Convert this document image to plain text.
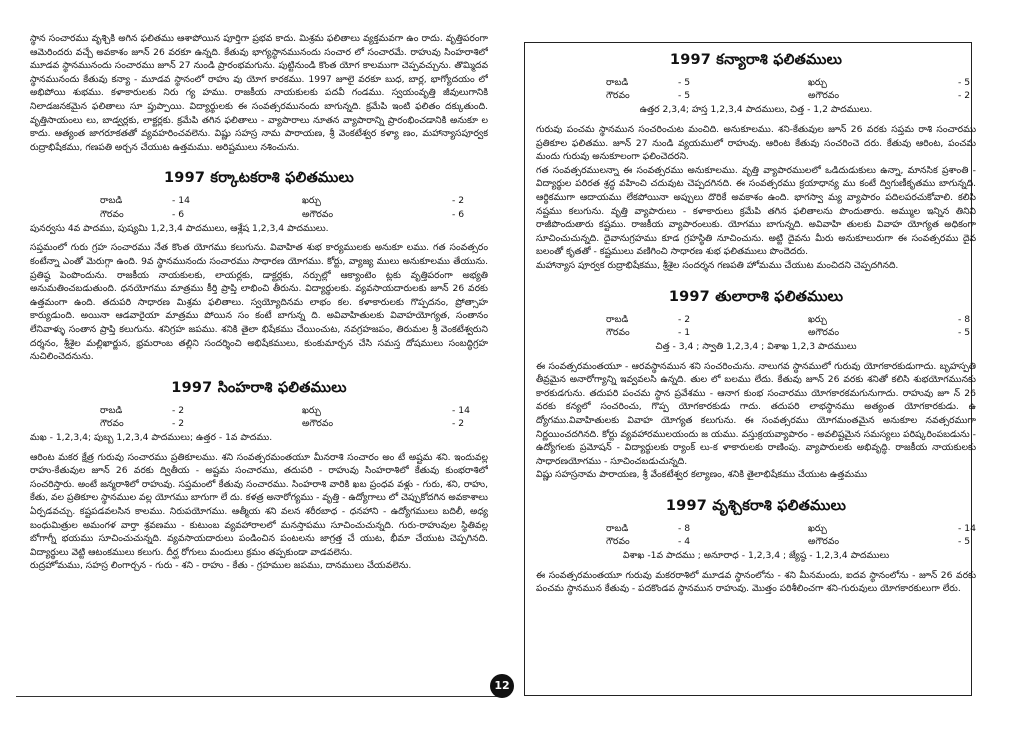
స్థాన సంచారము వృశ్చికి అగిన ఫలితము ఆశాపోయిన పూర్తిగా ప్రభవ కాదు. మిశ్రమ ఫలితాలు వ్యక్తమవగా ఉం రాదు. వృత్తిపరంగా ఆమెరిందరు వచ్చే అవకాశం జూన్ 26 వరకూ ఉన్నది. కేతువు భాగ్యస్థానమునందు సంచార లో సంచారమే. రాహువు సింహరాశిలో మూడవ స్థానమునందు సంచారము జూన్ 27 నుండి ప్రారంభమగును. పుట్టినుండి కొంత యోగ కాలముగా చెప్పవచ్చును. తొమ్మిదవ స్థానమునందు కేతువు కన్యా - మూడవ స్థానంలో రాహు వు యోగ కారకము. 1997 జూలై వరకూ బుధ, బార్ల, భాగ్యోదయం లో అభిపోయి శుభము. కళాకారులకు నిరు గ్య హము. రాజకీయ నాయకులకు పదవీ గండము. స్వయంవృత్తి జీవులుగానికి నిలాడజనకమైన ఫలితాలు సూ ప్తుప్పాయి. విద్యార్థులకు ఈ సంవత్సరమునందు బాగున్నది. క్రమేపి ఇంటి ఫలితం దక్కుతుంది. వృత్తిసాయంలు లు, బాడ్వర్లకు, లాక్టర్లకు. క్రమేపి తగిన ఫలితాలు - వ్యాపారాలు నూతన వ్యాపారాన్ని ప్రారంభించడానికి అనుకూ ల కాదు. ఆత్యంత జాగరూకతతో వ్యవహరించవలెను. విష్ణు సహస్ర నామ పారాయణ, శ్రీ వెంకటేశ్వర కళ్యా ణం, మహాన్యాసపూర్వక రుద్రాభిషేకము, గణపతి అర్చన చేయుట ఉత్తమము. అరిష్టములు నశించును.

1997 కర్కాటకరాశి ఫలితములు
రాబడి	- 14	ఖర్చు	- 2
గౌరవం	- 6	అగౌరవం	- 6

పునర్వసు 4వ పాదము, పుష్యమి 1,2,3,4 పాదములు, ఆశ్లేష 1,2,3,4 పాదములు.

సప్తమంలో గురు గ్రహ సంచారము నేత కొంత యోగము కలుగును. వివాహిత శుభ కార్యములకు అనుకూ లము. గత సంవత్సరం కంటేన్నా ఎంతో మెరుగ్గా ఉంది. 9వ స్థానమునందు సంచారము సాధారణ యోగము. కోర్టు, వ్యాజ్య ములు అనుకూలము తేయును. ప్రతిష్ఠ పెంపొందును. రాజకీయ నాయకులకు, లాయర్లకు, డాక్టర్లకు, నర్సుల్లో ఆక్యాంటెం ట్లకు వృత్తిపరంగా అభ్యతి అనుమతించబడుతుంది. ధనయోగము మాత్రము కీర్తి ప్రాప్తి లాభించి తీరును. విద్యార్థులకు. వ్యవసాయదారులకు జూన్ 26 వరకు ఉత్తమంగా ఉంది. తదుపరి సాధారణ మిశ్రమ ఫలితాలు. స్వయ్యోదినమ లాభం కల. కళాకారులకు గొప్పదనం, ప్రోత్సాహ కార్యుడుంది. అయినా ఆడవారైయా మాత్రము పోయిన సం కంటే బాగున్న ది. అవివాహితులకు వివాహయోగ్యత, సంతానం లేనివాళ్ళు సంతాన ప్రాప్తి కలుగును. శనిగ్రహ జపము. శనికి తైలా భిషేకము చేయించుట, నవగ్రహజపం, తిరుమల శ్రీ వెంకటేశ్వరుని దర్శనం, శ్రీశైల మల్లిఖార్జున, భ్రమరాంబ తల్లిని సందర్శించి అభిషేకములు, కుంకుమార్చన చేసి సమస్త దోషములు సంబద్ధిగ్రహ నుచిలించెదనును.

1997 సింహరాశి ఫలితములు
రాబడి	- 2	ఖర్చు	- 14
గౌరవం	- 2	అగౌరవం	- 2

మఖ - 1,2,3,4; పుబ్బ 1,2,3,4 పాదములు; ఉత్తర - 1వ పాదము.

ఆరింట మకర క్షేత్ర గురువు సంచారము ప్రతికూలము. శని సంవత్సరమంతయూ మీనరాశి సంచారం అం టే అష్టమ శని. ఇందువల్ల రాహు-కేతువుల జూన్ 26 వరకు ద్వితీయ - అష్టమ సంచారము, తదుపరి - రాహువు సింహరాశిలో కేతువు కుంభరాశిలో సంచరిస్తారు. అంటే జన్మరాశిలో రాహువు. సప్తమంలో కేతువు సంచారము. సింహరాశి వారికి ఖబ ప్రంధవ వళ్లు - గురు, శని, రాహు, కేతు, వల ప్రతికూల స్థానముల వల్ల యోగము బాగుగా లే దు. కళత్ర అనారోగ్యము - వృత్తి - ఉద్యోగాలు లో చెప్పుకోదగిన అవకాశాలు ఏర్పడవచ్చు. కష్టపడవలసిన కాలము. నిరుపయోగము. ఆత్మీయ శని వలన శరీరబాధ - ధనహాని - ఉద్యోగములు బదిలీ, అధ్య బంధుమిత్రుల అమంగళ వార్తా శ్రవణము - కుటుంబ వ్యవహారాలలో మనస్తాపము సూచించుచున్నది. గురు-రాహువుల స్థితివల్ల బోగాగ్నీ భయము సూచించుచున్నది. వ్యవసాయదారులు పండించిన పంటలను జాగ్రత్త చే యుట, భీమా చేయుట చెప్పగినది. విద్యార్థులు వెట్టి ఆటంకములు కలుగు. దీర్ఘ రోగులు మందులు క్రమం తప్పకుండా వాడవలెను.

రుద్రహోమము, సహస్ర లింగార్చన - గురు - శని - రాహు - కేతు - గ్రహముల జపము, దానములు చేయవలెను.

12
1997 కన్యారాశి ఫలితములు
రాబడి	- 5	ఖర్చు	- 5
గౌరవం	- 5	అగౌరవం	- 2

ఉత్తర 2,3,4; హస్త 1,2,3,4 పాదములు, చిత్త - 1,2 పాదములు.

గురువు పంచమ స్థానమున సంచరించుట మంచిది. అనుకూలము. శని-కేతువుల జూన్ 26 వరకు సప్తమ రాశి సంచారము ప్రతికూల ఫలితము. జూన్ 27 నుండి వ్యయములో రాహువు. ఆరింట కేతువు సంచరించె దరు. కేతువు ఆరింట, పంచమ మందు గురువు అనుకూలంగా ఫలించెదరని.

గత సంవత్సరములన్నా ఈ సంవత్సరము అనుకూలము. వృత్తి వ్యాపారములలో ఒడిదుడుకులు ఉన్నా, మానసిక ప్రశాంతి - విద్యార్థుల పరిరత శ్రద్ధ వహించి చదువుట చెప్పదగినది. ఈ సంవత్సరము క్రయాధాన్య ము కంటే ద్విగుణీకృతము బాగున్నది. ఆర్థికముగా ఆదాయము లేకపోయినా అప్పులు దొరికే అవకాశం ఉంది. భాగస్వా మ్య వ్యాపారం పదిలపరచుకోవాలి. కలిసి నష్టము కలుగును. వృత్తి వ్యాపారులు - కళాకారులు క్రమేపి తగిన ఫలితాలను పొందుతారు. అమ్ముల ఇన్నిన తినిని రాజీపొందుతారు కష్టము. రాజకీయ వ్యాపారంలుకు. యోగము బాగున్నది. అవివాహి తులకు వివాహ యోగ్యత అధికంగా సూచించుచున్నది. దైవానుగ్రహము కూడ గ్రహస్థితి నూచించును. అట్టి దైవను మీరు అనుకూలురుగా ఈ సంవత్సరము దైవ బలంతో కృతతో - కష్టములు వణిగించి సాధారణ శుభ ఫలితములు పొందెదరు.

మహాన్యాస పూర్వక రుద్రాభిషేకము, శ్రీశైల సందర్శన గణపతి హోమము చేయుట మంచిదని చెప్పదగినది.

1997 తులారాశి ఫలితములు
రాబడి	- 2	ఖర్చు	- 8
గౌరవం	- 1	అగౌరవం	- 5

చిత్త - 3,4 ; స్వాతి 1,2,3,4 ; విశాఖ 1,2,3 పాదములు

ఈ సంవత్సరమంతయూ - ఆరవస్థానమున శని సంచరించును. నాలుగవ స్థానములో గురువు యోగకారకుడుగాదు. బృహస్పతి తీవ్రమైన అనారోగ్యాన్ని ఇవ్వవలసి ఉన్నది. తుల లో బలము లేదు. కేతువు జూన్ 26 వరకు శనితో కలిసి శుభయోగమునకు కారకుడగును. తదుపరి పంచమ స్థాన ప్రవేశము - ఆనాగ కుంభ సంచారము యోగకారకమగునుగాదు. రాహువు జూ న్ 26 వరకు కన్యలో సంచరించు, గొప్ప యోగకారకుడు గాదు. తదుపరి లాభస్థానము అత్యంత యోగకారకుడు. ఉ ద్యోగము.వివాహితులకు వివాహ యోగ్యత కలుగును. ఈ సంవత్సరము యోగమంతమైన అనుకూల నవత్సరముగా నిర్ణయించదగినది. కోర్టు వ్యవహారములయందు జ యము. వస్తుక్రయవ్యాపారం - అవలిష్టమైన సమస్యలు పరిష్కరింపబడును - ఉద్యోగలకు ప్రమోషన్ - విద్యార్థులకు ర్యాంక్ లు-క ళాకారులకు రాణింపు. వ్యాపారులకు అభివృద్ధి. రాజకీయ నాయకులకు సాధారణయోగము - సూచించబడుచున్నది.

విష్ణు సహస్రనామ పారాయణ, శ్రీ వేంకటేశ్వర కల్యాణం, శనికి తైలాభిషేకము చేయుట ఉత్తమము

1997 వృశ్చికరాశి ఫలితములు
రాబడి	- 8	ఖర్చు	- 14
గౌరవం	- 4	అగౌరవం	- 5

విశాఖ -1వ పాదము ; అనూరాధ - 1,2,3,4 ; జ్యేష్ఠ - 1,2,3,4 పాదములు

ఈ సంవత్సరమంతయూ గురువు మకరరాశిలో మూడవ స్థానంలోను - శని మీనమందు, ఐదవ స్థానంలోను - జూన్ 26 వరకు పంచమ స్థానమున కేతువు - పదకొండవ స్థానమున రాహువు. మొత్తం పరిశీలించగా శని-గురువులు యోగకారకులుగా లేరు.
